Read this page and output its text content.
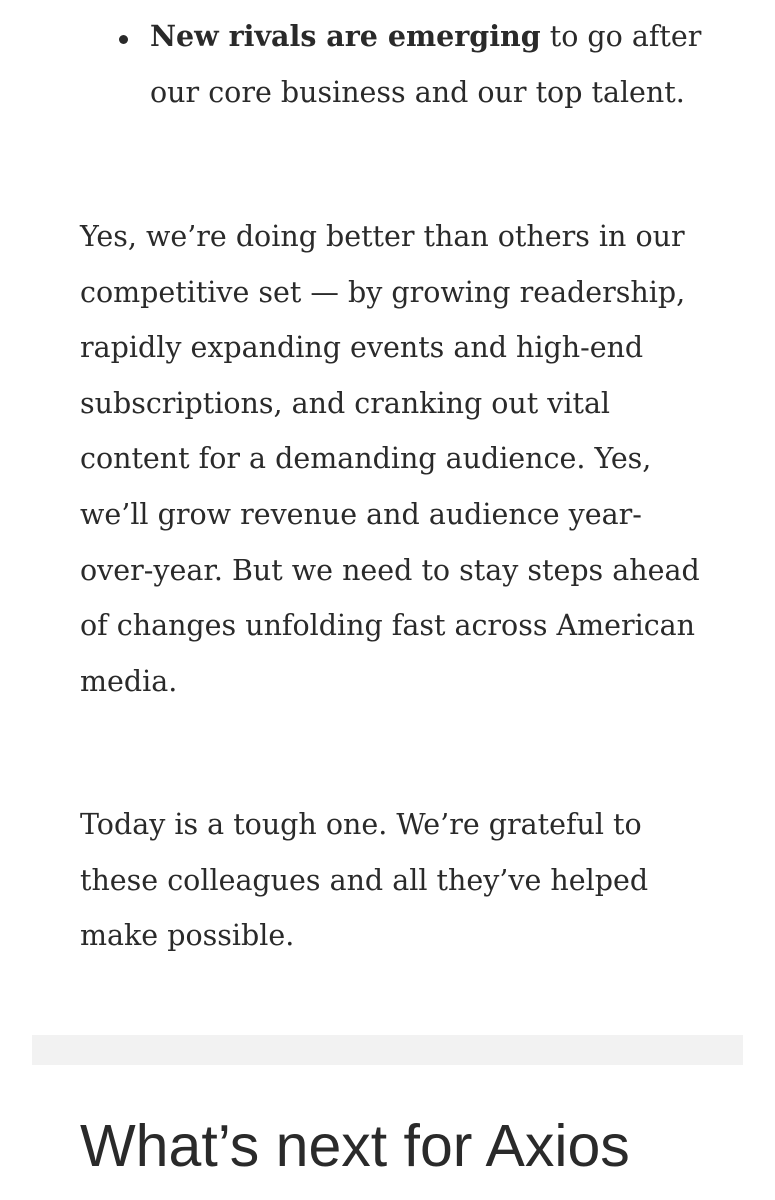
New rivals are emerging to go after our core business and our top talent.

Yes, we’re doing better than others in our competitive set — by growing readership, rapidly expanding events and high-end subscriptions, and cranking out vital content for a demanding audience. Yes, we’ll grow revenue and audience year-over-year. But we need to stay steps ahead of changes unfolding fast across American media.

Today is a tough one. We’re grateful to these colleagues and all they’ve helped make possible.

What’s next for Axios
